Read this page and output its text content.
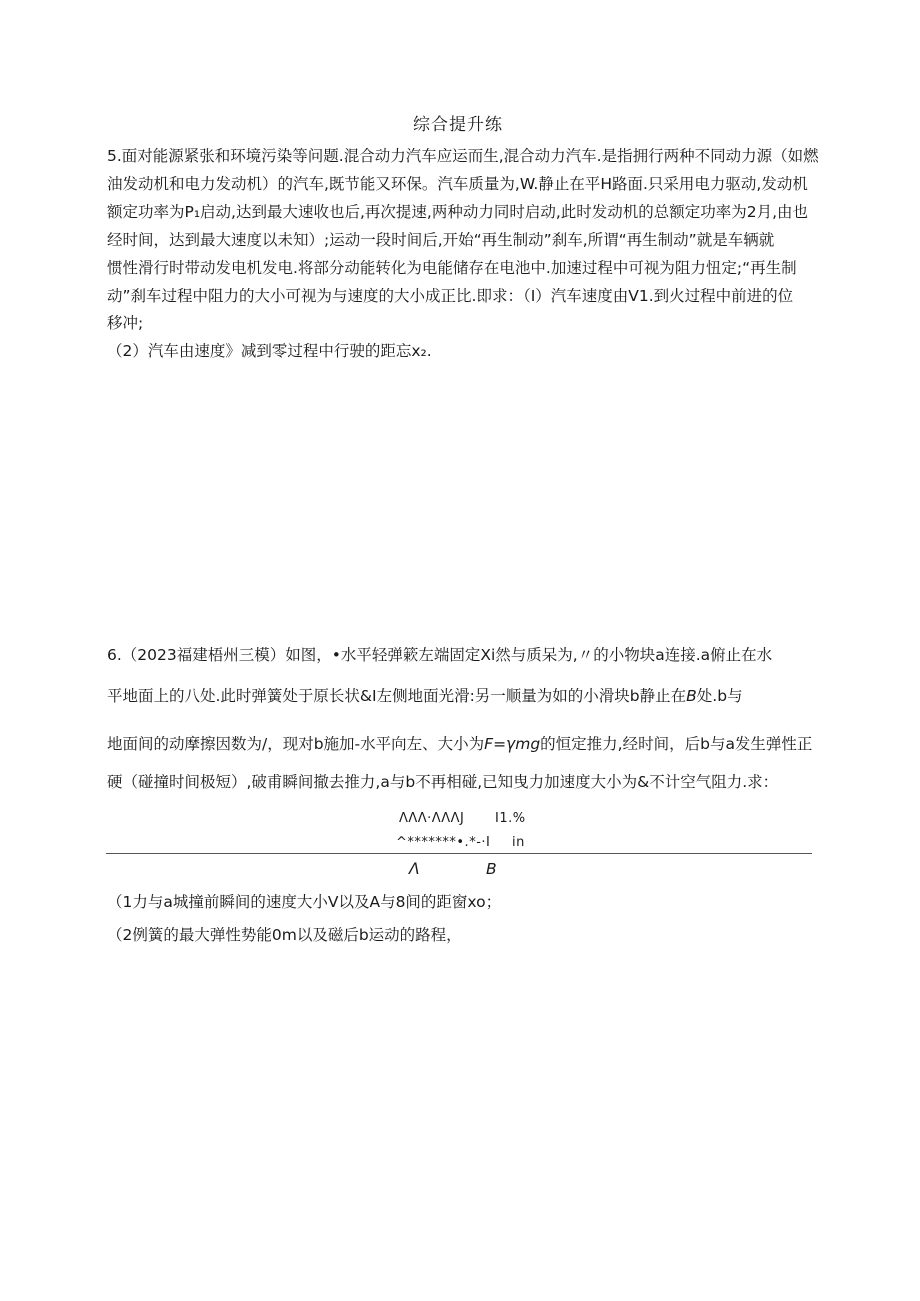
综合提升练
5.面对能源紧张和环境污染等问题.混合动力汽车应运而生,混合动力汽车.是指拥行两种不同动力源（如燃
油发动机和电力发动机）的汽车,既节能又环保。汽车质量为,W.静止在平H路面.只采用电力驱动,发动机
额定功率为P₁启动,达到最大速收也后,再次提速,两种动力同时启动,此时发动机的总额定功率为2月,由也
经时间，达到最大速度以未知）;运动一段时间后,开始“再生制动”刹车,所谓“再生制动”就是车辆就
惯性滑行时带动发电机发电.将部分动能转化为电能储存在电池中.加速过程中可视为阻力忸定;“再生制
动”刹车过程中阻力的大小可视为与速度的大小成正比.即求：（I）汽车速度由V1.到火过程中前进的位
移冲;
（2）汽车由速度》减到零过程中行驶的距忘x₂.
6.（2023福建梧州三模）如图，•水平轻弹簌左端固定Xi然与质呆为,〃的小物块a连接.a俯止在水
平地面上的八处.此时弹簧处于原长状&I左侧地面光滑:另一顺量为如的小滑块b静止在B处.b与
地面间的动摩擦因数为/，现对b施加-水平向左、大小为F=γmg的恒定推力,经时间，后b与a发生弹性正
硬（碰撞时间极短）,破甫瞬间撤去推力,a与b不再相碰,已知曳力加速度大小为&不计空气阻力.求：
ΛΛΛ·ΛΛΛJ I1.%
^*******•.*-·I in
Λ	B
（1力与a城撞前瞬间的速度大小V以及A与8间的距窗xo；
（2例簧的最大弹性势能0m以及磁后b运动的路程，
